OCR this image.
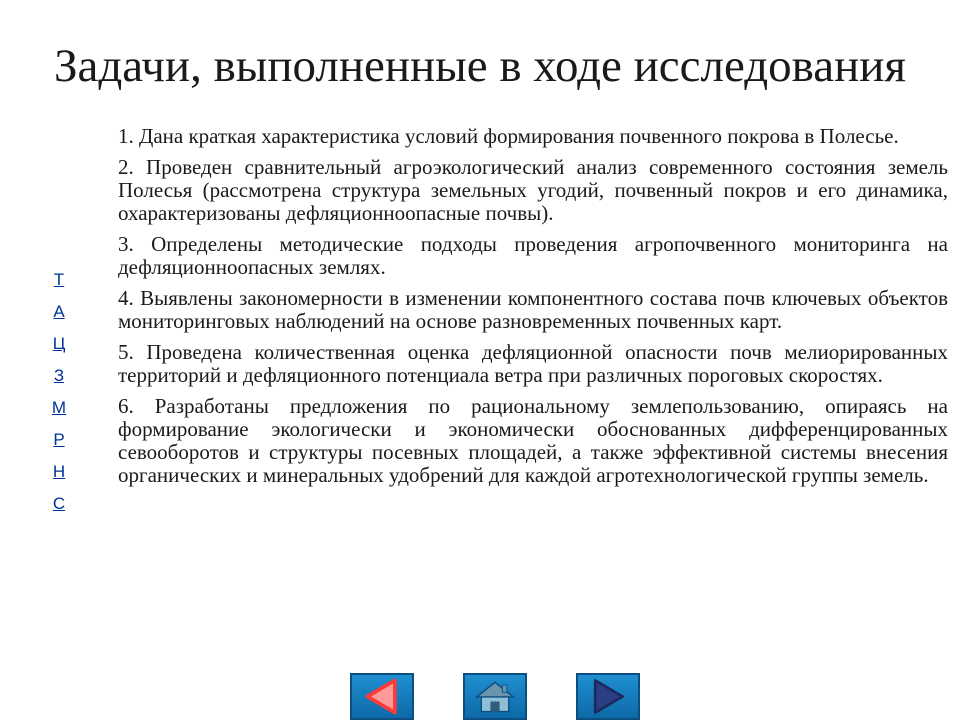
Задачи, выполненные в ходе исследования
Т
А
Ц
З
М
Р
Н
С

1. Дана краткая характеристика условий формирования почвенного покрова в Полесье.

2. Проведен сравнительный агроэкологический анализ современного состояния земель Полесья (рассмотрена структура земельных угодий, почвенный покров и его динамика, охарактеризованы дефляционноопасные почвы).

3. Определены методические подходы проведения агропочвенного мониторинга на дефляционноопасных землях.

4. Выявлены закономерности в изменении компонентного состава почв ключевых объектов мониторинговых наблюдений на основе разновременных почвенных карт.

5. Проведена количественная оценка дефляционной опасности почв мелиорированных территорий и дефляционного потенциала ветра при различных пороговых скоростях.

6. Разработаны предложения по рациональному землепользованию, опираясь на формирование экологически и экономически обоснованных дифференцированных севооборотов и структуры посевных площадей, а также эффективной системы внесения органических и минеральных удобрений для каждой агротехнологической группы земель.
